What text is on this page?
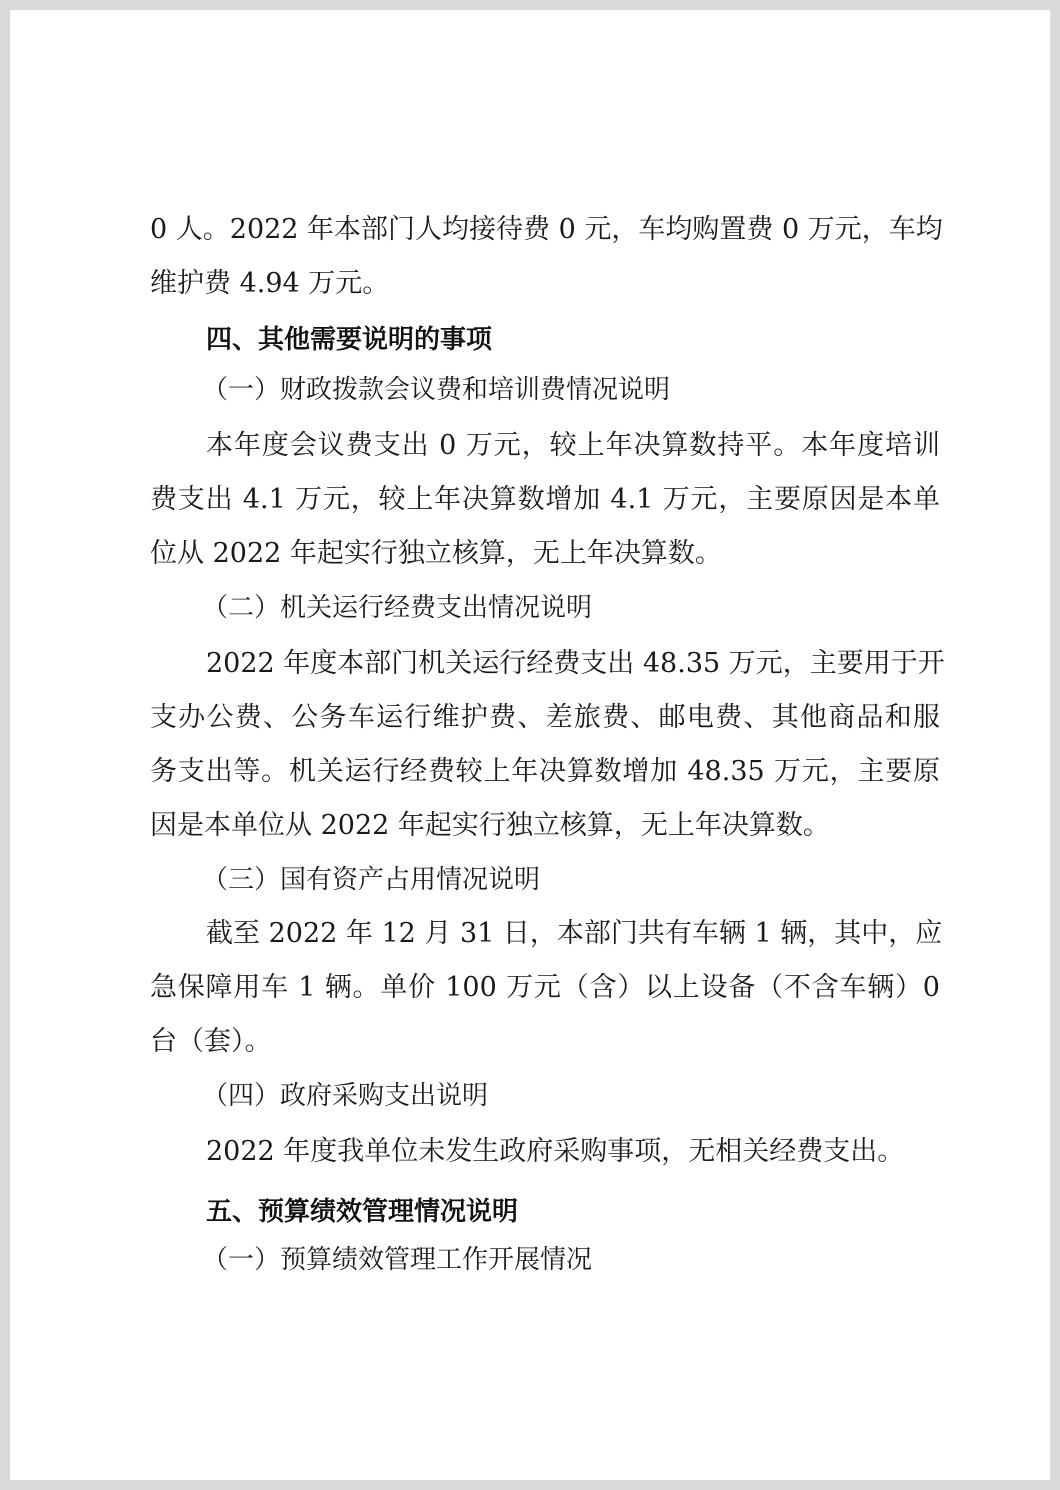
0 人。2022 年本部门人均接待费 0 元，车均购置费 0 万元，车均
维护费 4.94 万元。
四、其他需要说明的事项
（一）财政拨款会议费和培训费情况说明
本年度会议费支出 0 万元，较上年决算数持平。本年度培训
费支出 4.1 万元，较上年决算数增加 4.1 万元，主要原因是本单
位从 2022 年起实行独立核算，无上年决算数。
（二）机关运行经费支出情况说明
2022 年度本部门机关运行经费支出 48.35 万元，主要用于开
支办公费、公务车运行维护费、差旅费、邮电费、其他商品和服
务支出等。机关运行经费较上年决算数增加 48.35 万元，主要原
因是本单位从 2022 年起实行独立核算，无上年决算数。
（三）国有资产占用情况说明
截至 2022 年 12 月 31 日，本部门共有车辆 1 辆，其中，应
急保障用车 1 辆。单价 100 万元（含）以上设备（不含车辆）0
台（套）。
（四）政府采购支出说明
2022 年度我单位未发生政府采购事项，无相关经费支出。
五、预算绩效管理情况说明
（一）预算绩效管理工作开展情况
